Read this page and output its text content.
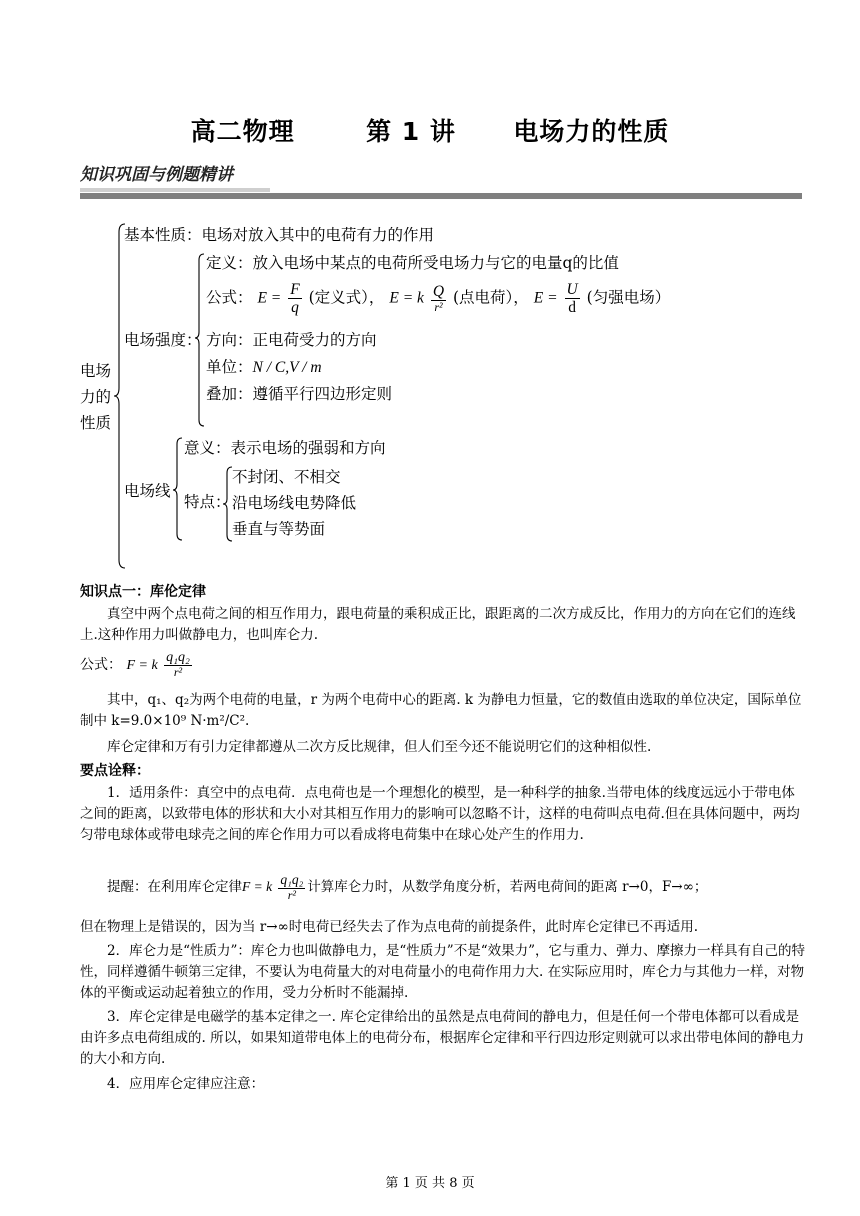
高二物理	第 1 讲 电场力的性质
知识巩固与例题精讲
电场力的性质
基本性质：电场对放入其中的电荷有力的作用
电场强度：
定义：放入电场中某点的电荷所受电场力与它的电量q的比值
公式： $E = \frac{F}{q}$ (定义式）， E = k $\frac{Q}{\text{r²}}$ (点电荷）， $E = \frac{U}{d}$ (匀强电场）
方向：正电荷受力的方向
单位：N / C,V / m
叠加：遵循平行四边形定则
电场线
意义：表示电场的强弱和方向
特点：
不封闭、不相交
沿电场线电势降低
垂直与等势面
知识点一：库伦定律
真空中两个点电荷之间的相互作用力，跟电荷量的乘积成正比，跟距离的二次方成反比，作用力的方向在它们的连线上.这种作用力叫做静电力，也叫库仑力.
公式： F = k $\frac{\text{q₁q₂}}{\text{r²}}$
其中，q₁、q₂为两个电荷的电量，r 为两个电荷中心的距离. k 为静电力恒量，它的数值由选取的单位决定，国际单位制中 k=9.0×10⁹ N·m²/C².
库仑定律和万有引力定律都遵从二次方反比规律，但人们至今还不能说明它们的这种相似性.
要点诠释：
1．适用条件：真空中的点电荷．点电荷也是一个理想化的模型，是一种科学的抽象.当带电体的线度远远小于带电体之间的距离，以致带电体的形状和大小对其相互作用力的影响可以忽略不计，这样的电荷叫点电荷.但在具体问题中，两均匀带电球体或带电球壳之间的库仑作用力可以看成将电荷集中在球心处产生的作用力.
提醒：在利用库仑定律F = k $\frac{\text{q₁q₂}}{\text{r²}}$ 计算库仑力时，从数学角度分析，若两电荷间的距离 r→0，F→∞；
但在物理上是错误的，因为当 r→∞时电荷已经失去了作为点电荷的前提条件，此时库仑定律已不再适用.
2．库仑力是“性质力”：库仑力也叫做静电力，是“性质力”不是“效果力”，它与重力、弹力、摩擦力一样具有自己的特性，同样遵循牛顿第三定律，不要认为电荷量大的对电荷量小的电荷作用力大. 在实际应用时，库仑力与其他力一样，对物体的平衡或运动起着独立的作用，受力分析时不能漏掉.
3．库仑定律是电磁学的基本定律之一. 库仑定律给出的虽然是点电荷间的静电力，但是任何一个带电体都可以看成是由许多点电荷组成的. 所以，如果知道带电体上的电荷分布，根据库仑定律和平行四边形定则就可以求出带电体间的静电力的大小和方向.
4．应用库仑定律应注意：
第 1 页 共 8 页
